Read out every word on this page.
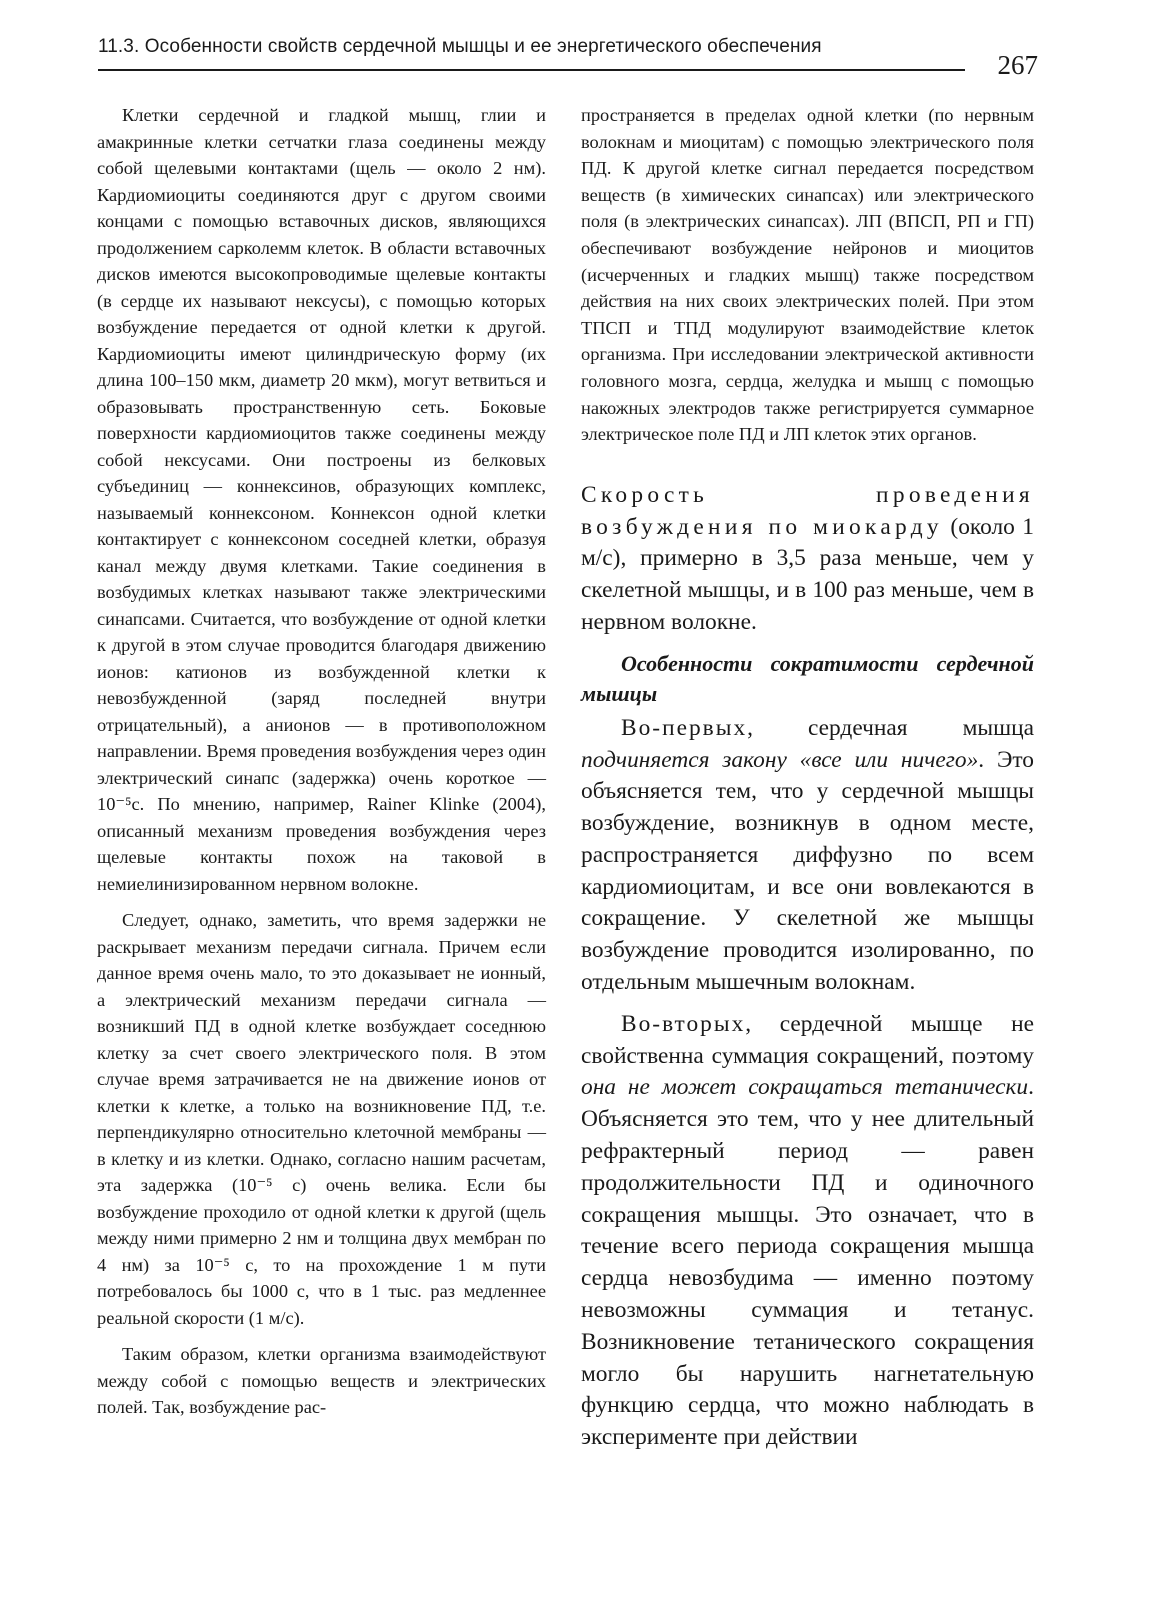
11.3. Особенности свойств сердечной мышцы и ее энергетического обеспечения
267

Клетки сердечной и гладкой мышц, глии и амакринные клетки сетчатки глаза соединены между собой щелевыми контактами (щель — около 2 нм). Кардиомиоциты соединяются друг с другом своими концами с помощью вставочных дисков, являющихся продолжением сарколемм клеток. В области вставочных дисков имеются высокопроводимые щелевые контакты (в сердце их называют нексусы), с помощью которых возбуждение передается от одной клетки к другой. Кардиомиоциты имеют цилиндрическую форму (их длина 100–150 мкм, диаметр 20 мкм), могут ветвиться и образовывать пространственную сеть. Боковые поверхности кардиомиоцитов также соединены между собой нексусами. Они построены из белковых субъединиц — коннексинов, образующих комплекс, называемый коннексоном. Коннексон одной клетки контактирует с коннексоном соседней клетки, образуя канал между двумя клетками. Такие соединения в возбудимых клетках называют также электрическими синапсами. Считается, что возбуждение от одной клетки к другой в этом случае проводится благодаря движению ионов: катионов из возбужденной клетки к невозбужденной (заряд последней внутри отрицательный), а анионов — в противоположном направлении. Время проведения возбуждения через один электрический синапс (задержка) очень короткое — 10⁻⁵с. По мнению, например, Rainer Klinke (2004), описанный механизм проведения возбуждения через щелевые контакты похож на таковой в немиелинизированном нервном волокне.

Следует, однако, заметить, что время задержки не раскрывает механизм передачи сигнала. Причем если данное время очень мало, то это доказывает не ионный, а электрический механизм передачи сигнала — возникший ПД в одной клетке возбуждает соседнюю клетку за счет своего электрического поля. В этом случае время затрачивается не на движение ионов от клетки к клетке, а только на возникновение ПД, т.е. перпендикулярно относительно клеточной мембраны — в клетку и из клетки. Однако, согласно нашим расчетам, эта задержка (10⁻⁵ с) очень велика. Если бы возбуждение проходило от одной клетки к другой (щель между ними примерно 2 нм и толщина двух мембран по 4 нм) за 10⁻⁵ с, то на прохождение 1 м пути потребовалось бы 1000 с, что в 1 тыс. раз медленнее реальной скорости (1 м/с).

Таким образом, клетки организма взаимодействуют между собой с помощью веществ и электрических полей. Так, возбуждение рас-

пространяется в пределах одной клетки (по нервным волокнам и миоцитам) с помощью электрического поля ПД. К другой клетке сигнал передается посредством веществ (в химических синапсах) или электрического поля (в электрических синапсах). ЛП (ВПСП, РП и ГП) обеспечивают возбуждение нейронов и миоцитов (исчерченных и гладких мышц) также посредством действия на них своих электрических полей. При этом ТПСП и ТПД модулируют взаимодействие клеток организма. При исследовании электрической активности головного мозга, сердца, желудка и мышц с помощью накожных электродов также регистрируется суммарное электрическое поле ПД и ЛП клеток этих органов.

Скорость проведения возбуждения по миокарду (около 1 м/с), примерно в 3,5 раза меньше, чем у скелетной мышцы, и в 100 раз меньше, чем в нервном волокне.

Особенности сократимости сердечной мышцы

Во-первых, сердечная мышца подчиняется закону «все или ничего». Это объясняется тем, что у сердечной мышцы возбуждение, возникнув в одном месте, распространяется диффузно по всем кардиомиоцитам, и все они вовлекаются в сокращение. У скелетной же мышцы возбуждение проводится изолированно, по отдельным мышечным волокнам.

Во-вторых, сердечной мышце не свойственна суммация сокращений, поэтому она не может сокращаться тетанически. Объясняется это тем, что у нее длительный рефрактерный период — равен продолжительности ПД и одиночного сокращения мышцы. Это означает, что в течение всего периода сокращения мышца сердца невозбудима — именно поэтому невозможны суммация и тетанус. Возникновение тетанического сокращения могло бы нарушить нагнетательную функцию сердца, что можно наблюдать в эксперименте при действии
